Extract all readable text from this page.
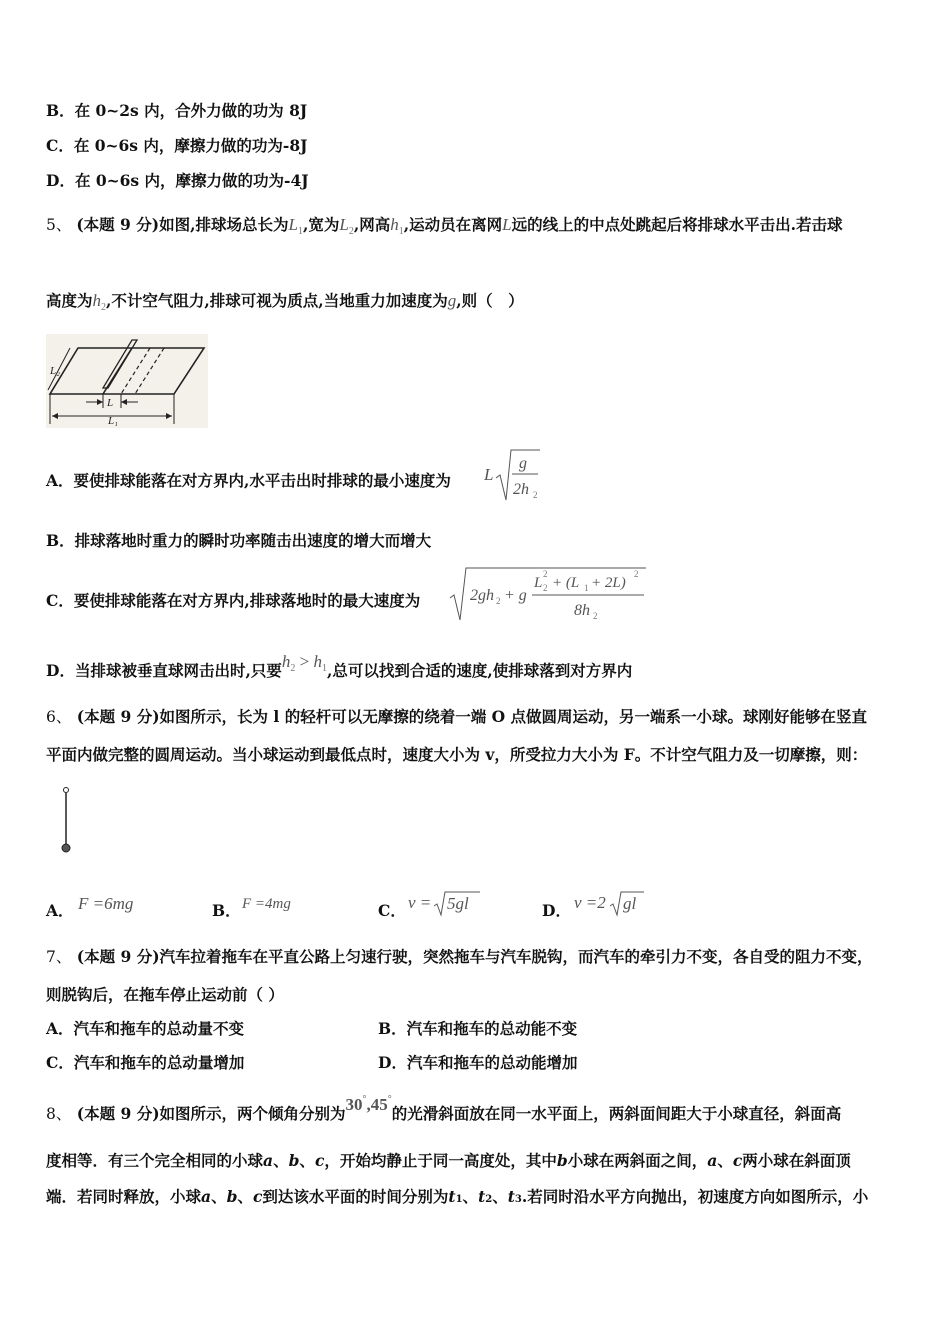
B．在 0~2s 内，合外力做的功为 8J
C．在 0~6s 内，摩擦力做的功为-8J
D．在 0~6s 内，摩擦力做的功为-4J
5、 (本题 9 分)如图,排球场总长为$L_1$,宽为$L_2$,网高$h_1$,运动员在离网L远的线上的中点处跳起后将排球水平击出.若击球
高度为$h_2$,不计空气阻力,排球可视为质点,当地重力加速度为g,则（　）
L₂
L
L₁
A．要使排球能落在对方界内,水平击出时排球的最小速度为	L
g
2h 2
B．排球落地时重力的瞬时功率随击出速度的增大而增大
C．要使排球能落在对方界内,排球落地时的最大速度为	2gh 2 + g
L
2
2 + (L 1 + 2L)
2
8h 2
D．当排球被垂直球网击出时,只要$h_2 > h_1$,总可以找到合适的速度,使排球落到对方界内
6、 (本题 9 分)如图所示，长为 l 的轻杆可以无摩擦的绕着一端 O 点做圆周运动，另一端系一小球。球刚好能够在竖直
平面内做完整的圆周运动。当小球运动到最低点时，速度大小为 v，所受拉力大小为 F。不计空气阻力及一切摩擦，则：
A． F =6mg	B． F =4mg	C． v = 5gl	D． v =2 gl
7、 (本题 9 分)汽车拉着拖车在平直公路上匀速行驶，突然拖车与汽车脱钩，而汽车的牵引力不变，各自受的阻力不变，
则脱钩后，在拖车停止运动前（ ）
A．汽车和拖车的总动量不变	B．汽车和拖车的总动能不变
C．汽车和拖车的总动量增加	D．汽车和拖车的总动能增加
8、 (本题 9 分)如图所示，两个倾角分别为30°,45°的光滑斜面放在同一水平面上，两斜面间距大于小球直径，斜面高
度相等．有三个完全相同的小球a、b、c，开始均静止于同一高度处，其中b小球在两斜面之间，a、c两小球在斜面顶
端．若同时释放，小球a、b、c到达该水平面的时间分别为t1、t2、t3.若同时沿水平方向抛出，初速度方向如图所示，小
